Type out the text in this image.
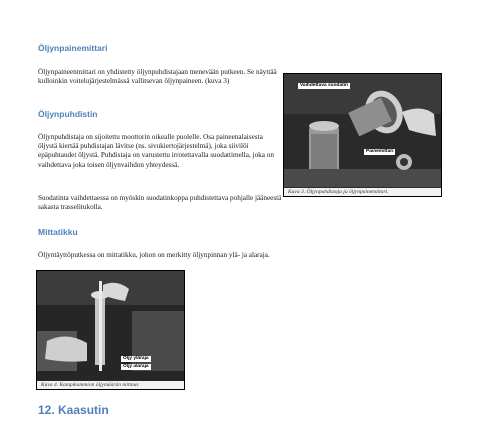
Öljynpainemittari

Öljynpaineenmittari on yhdistetty öljynpuhdistajaan menevään putkeen. Se näyttää kulloinkin voitelujärjestelmässä vallitsevan öljynpaineen. (kuva 3)

Öljynpuhdistin

Öljynpuhdistaja on sijoitettu moottorin oikealle puolelle. Osa paineenalaisesta öljystä kiertää puhdistajan lävitse (ns. sivukiertojärjestelmä), joka siivilöi epäpuhtaudet öljystä. Puhdistaja on varustettu irrotettavalla suodattimella, joka on vaihdettava joka toisen öljynvaihdon yhteydessä.

Suodatinta vaihdettaessa on myöskin suodatinkoppa puhdistettava pohjalle jääneestä sakasta trasselitukolla.

Mittatikku

Öljyntäyttöputkessa on mittatikku, johon on merkitty öljynpinnan ylä- ja alaraja.

Vaihdettava suodatin
Painemittari
Kuva 3. Öljynpuhdistaja ja öljynpainemittari.
Öljy yläraja
Öljy alaraja
Kuva 4. Kampikammion öljymäärän mittaus
12. Kaasutin
